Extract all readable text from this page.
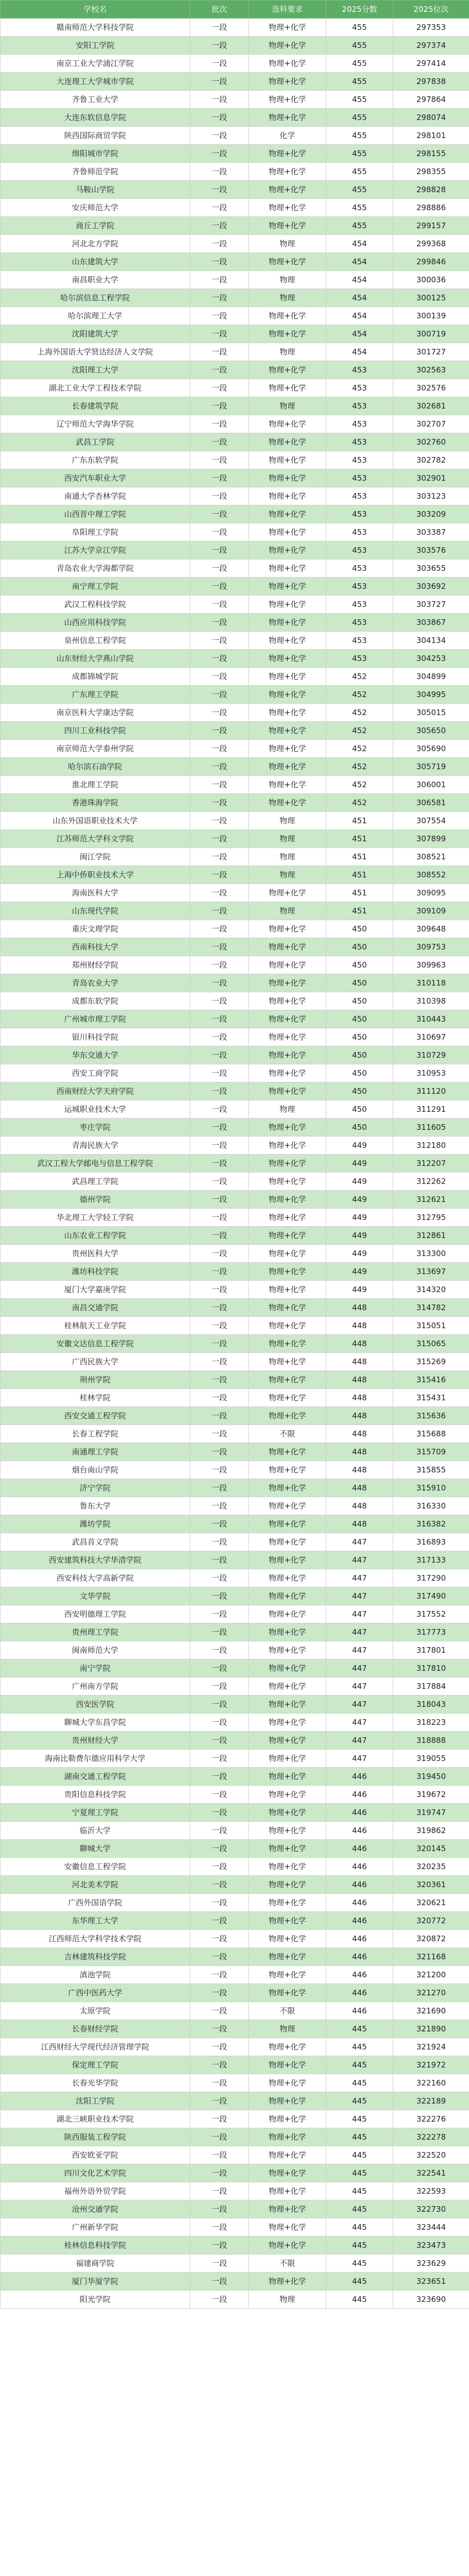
学校名	批次	选科要求	2025分数	2025位次
赣南师范大学科技学院	一段	物理+化学	455	297353
安阳工学院	一段	物理+化学	455	297374
南京工业大学浦江学院	一段	物理+化学	455	297414
大连理工大学城市学院	一段	物理+化学	455	297838
齐鲁工业大学	一段	物理+化学	455	297864
大连东软信息学院	一段	物理+化学	455	298074
陕西国际商贸学院	一段	化学	455	298101
绵阳城市学院	一段	物理+化学	455	298155
齐鲁师范学院	一段	物理+化学	455	298355
马鞍山学院	一段	物理+化学	455	298828
安庆师范大学	一段	物理+化学	455	298886
商丘工学院	一段	物理+化学	455	299157
河北北方学院	一段	物理	454	299368
山东建筑大学	一段	物理+化学	454	299846
南昌职业大学	一段	物理	454	300036
哈尔滨信息工程学院	一段	物理	454	300125
哈尔滨理工大学	一段	物理+化学	454	300139
沈阳建筑大学	一段	物理+化学	454	300719
上海外国语大学贤达经济人文学院	一段	物理	454	301727
沈阳理工大学	一段	物理+化学	453	302563
湖北工业大学工程技术学院	一段	物理+化学	453	302576
长春建筑学院	一段	物理	453	302681
辽宁师范大学海华学院	一段	物理+化学	453	302707
武昌工学院	一段	物理+化学	453	302760
广东东软学院	一段	物理+化学	453	302782
西安汽车职业大学	一段	物理+化学	453	302901
南通大学杏林学院	一段	物理+化学	453	303123
山西晋中理工学院	一段	物理+化学	453	303209
阜阳理工学院	一段	物理+化学	453	303387
江苏大学京江学院	一段	物理+化学	453	303576
青岛农业大学海都学院	一段	物理+化学	453	303655
南宁理工学院	一段	物理+化学	453	303692
武汉工程科技学院	一段	物理+化学	453	303727
山西应用科技学院	一段	物理+化学	453	303867
泉州信息工程学院	一段	物理+化学	453	304134
山东财经大学燕山学院	一段	物理+化学	453	304253
成都锦城学院	一段	物理+化学	452	304899
广东理工学院	一段	物理+化学	452	304995
南京医科大学康达学院	一段	物理+化学	452	305015
四川工业科技学院	一段	物理+化学	452	305650
南京师范大学泰州学院	一段	物理+化学	452	305690
哈尔滨石油学院	一段	物理+化学	452	305719
淮北理工学院	一段	物理+化学	452	306001
香港珠海学院	一段	物理+化学	452	306581
山东外国语职业技术大学	一段	物理	451	307554
江苏师范大学科文学院	一段	物理	451	307899
闽江学院	一段	物理	451	308521
上海中侨职业技术大学	一段	物理	451	308552
海南医科大学	一段	物理+化学	451	309095
山东现代学院	一段	物理	451	309109
重庆文理学院	一段	物理+化学	450	309648
西南科技大学	一段	物理+化学	450	309753
郑州财经学院	一段	物理+化学	450	309963
青岛农业大学	一段	物理+化学	450	310118
成都东软学院	一段	物理+化学	450	310398
广州城市理工学院	一段	物理+化学	450	310443
银川科技学院	一段	物理+化学	450	310697
华东交通大学	一段	物理+化学	450	310729
西安工商学院	一段	物理+化学	450	310953
西南财经大学天府学院	一段	物理+化学	450	311120
运城职业技术大学	一段	物理	450	311291
枣庄学院	一段	物理+化学	450	311605
青海民族大学	一段	物理+化学	449	312180
武汉工程大学邮电与信息工程学院	一段	物理+化学	449	312207
武昌理工学院	一段	物理+化学	449	312262
德州学院	一段	物理+化学	449	312621
华北理工大学轻工学院	一段	物理+化学	449	312795
山东农业工程学院	一段	物理+化学	449	312861
贵州医科大学	一段	物理+化学	449	313300
潍坊科技学院	一段	物理+化学	449	313697
厦门大学嘉庚学院	一段	物理+化学	449	314320
南昌交通学院	一段	物理+化学	448	314782
桂林航天工业学院	一段	物理+化学	448	315051
安徽文达信息工程学院	一段	物理+化学	448	315065
广西民族大学	一段	物理+化学	448	315269
荆州学院	一段	物理+化学	448	315416
桂林学院	一段	物理+化学	448	315431
西安交通工程学院	一段	物理+化学	448	315636
长春工程学院	一段	不限	448	315688
南通理工学院	一段	物理+化学	448	315709
烟台南山学院	一段	物理+化学	448	315855
济宁学院	一段	物理+化学	448	315910
鲁东大学	一段	物理+化学	448	316330
潍坊学院	一段	物理+化学	448	316382
武昌首义学院	一段	物理+化学	447	316893
西安建筑科技大学华清学院	一段	物理+化学	447	317133
西安科技大学高新学院	一段	物理+化学	447	317290
文华学院	一段	物理+化学	447	317490
西安明德理工学院	一段	物理+化学	447	317552
贵州理工学院	一段	物理+化学	447	317773
闽南师范大学	一段	物理+化学	447	317801
南宁学院	一段	物理+化学	447	317810
广州南方学院	一段	物理+化学	447	317884
西安医学院	一段	物理+化学	447	318043
聊城大学东昌学院	一段	物理+化学	447	318223
贵州财经大学	一段	物理+化学	447	318888
海南比勒费尔德应用科学大学	一段	物理+化学	447	319055
湖南交通工程学院	一段	物理+化学	446	319450
贵阳信息科技学院	一段	物理+化学	446	319672
宁夏理工学院	一段	物理+化学	446	319747
临沂大学	一段	物理+化学	446	319862
聊城大学	一段	物理+化学	446	320145
安徽信息工程学院	一段	物理+化学	446	320235
河北美术学院	一段	物理+化学	446	320361
广西外国语学院	一段	物理+化学	446	320621
东华理工大学	一段	物理+化学	446	320772
江西师范大学科学技术学院	一段	物理+化学	446	320872
吉林建筑科技学院	一段	物理+化学	446	321168
滇池学院	一段	物理+化学	446	321200
广西中医药大学	一段	物理+化学	446	321270
太原学院	一段	不限	446	321690
长春财经学院	一段	物理	445	321890
江西财经大学现代经济管理学院	一段	物理+化学	445	321924
保定理工学院	一段	物理+化学	445	321972
长春光华学院	一段	物理+化学	445	322160
沈阳工学院	一段	物理+化学	445	322189
湖北三峡职业技术学院	一段	物理+化学	445	322276
陕西服装工程学院	一段	物理+化学	445	322278
西安欧亚学院	一段	物理+化学	445	322520
四川文化艺术学院	一段	物理+化学	445	322541
福州外语外贸学院	一段	物理+化学	445	322593
沧州交通学院	一段	物理+化学	445	322730
广州新华学院	一段	物理+化学	445	323444
桂林信息科技学院	一段	物理+化学	445	323473
福建商学院	一段	不限	445	323629
厦门华厦学院	一段	物理+化学	445	323651
阳光学院	一段	物理	445	323690
